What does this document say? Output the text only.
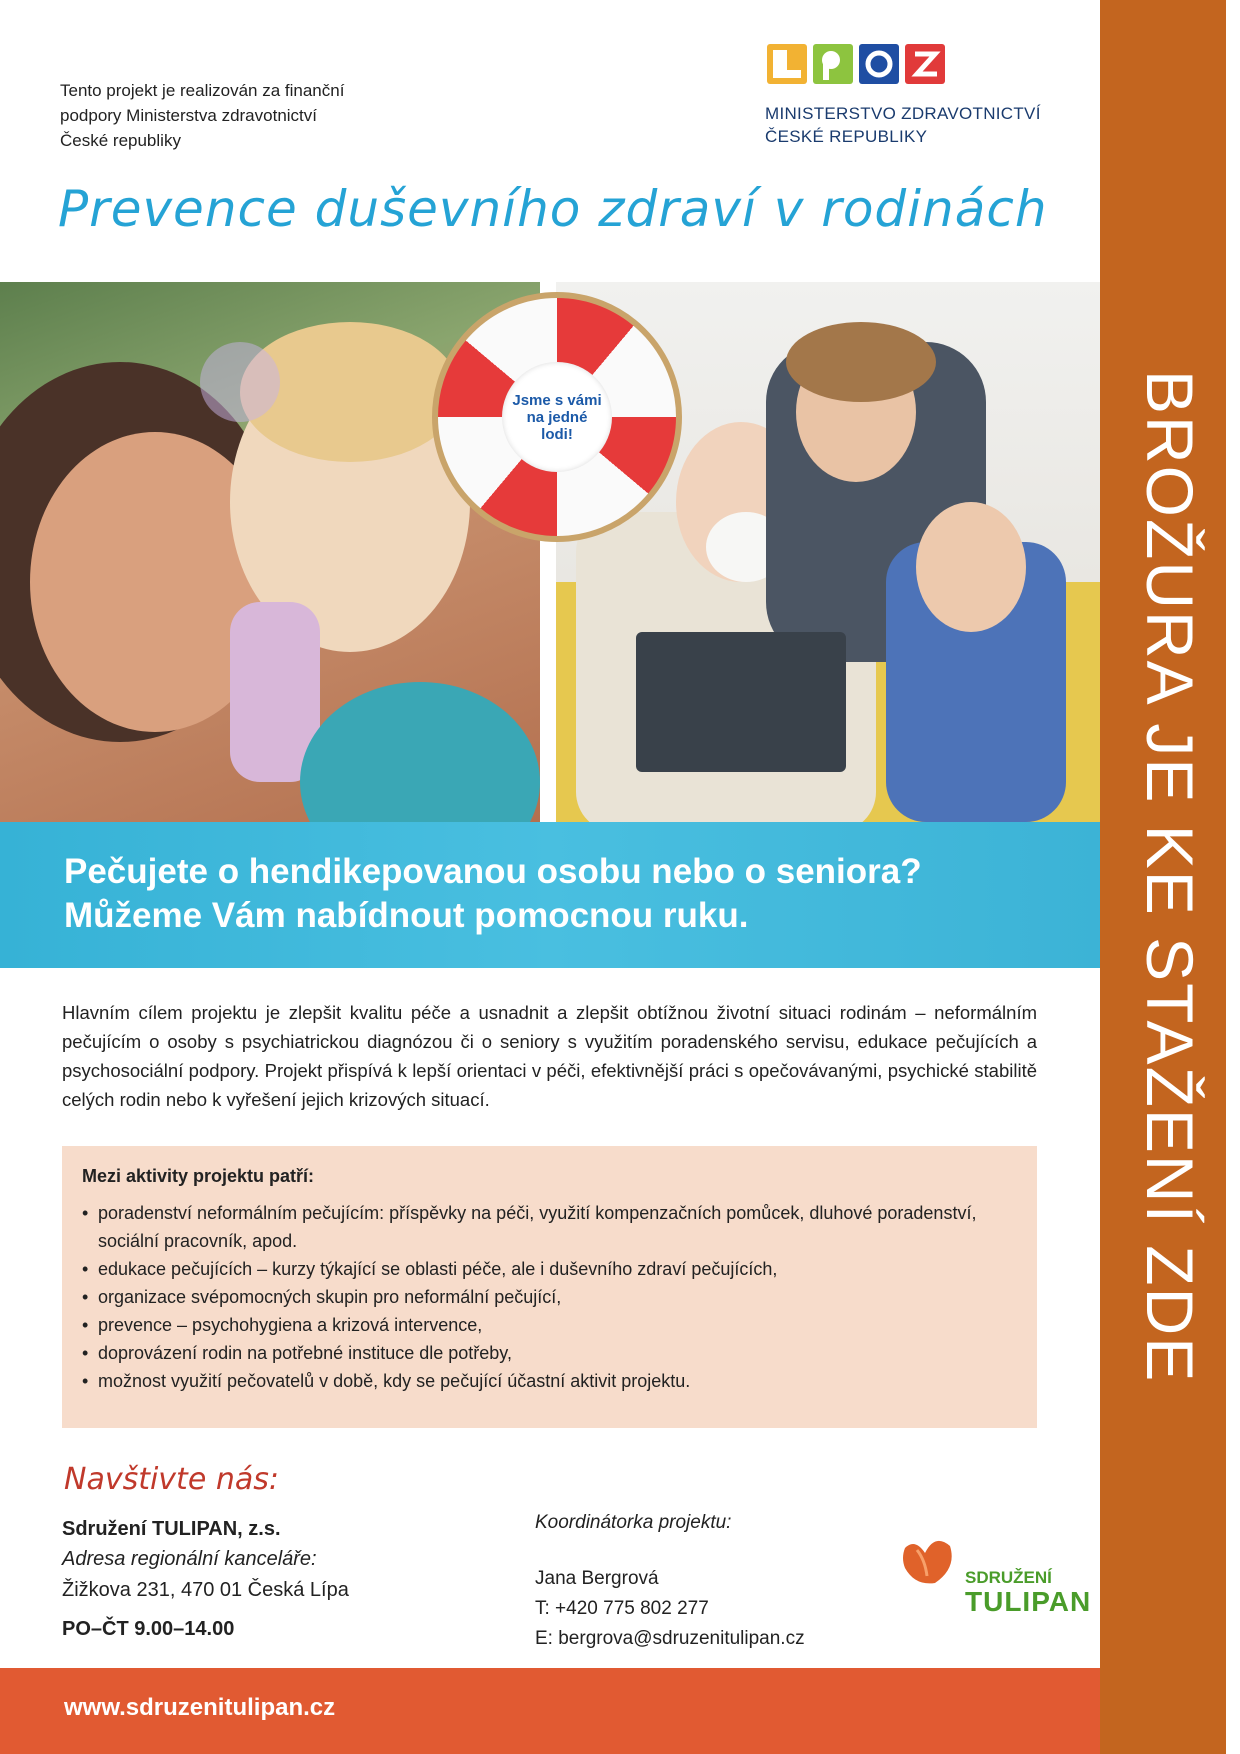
Tento projekt je realizován za finanční
podpory Ministerstva zdravotnictví
České republiky
MINISTERSTVO ZDRAVOTNICTVÍ
ČESKÉ REPUBLIKY
Prevence duševního zdraví v rodinách
Jsme s vámi
na jedné
lodi!
Pečujete o hendikepovanou osobu nebo o seniora?
Můžeme Vám nabídnout pomocnou ruku.

Hlavním cílem projektu je zlepšit kvalitu péče a usnadnit a zlepšit obtížnou životní situaci rodinám – neformálním pečujícím o osoby s psychiatrickou diagnózou či o seniory s využitím poradenského servisu, edukace pečujících a psychosociální podpory. Projekt přispívá k lepší orientaci v péči, efektivnější práci s opečovávanými, psychické stabilitě celých rodin nebo k vyřešení jejich krizových situací.

Mezi aktivity projektu patří:
• poradenství neformálním pečujícím: příspěvky na péči, využití kompenzačních pomůcek, dluhové poradenství, sociální pracovník, apod.
• edukace pečujících – kurzy týkající se oblasti péče, ale i duševního zdraví pečujících,
• organizace svépomocných skupin pro neformální pečující,
• prevence – psychohygiena a krizová intervence,
• doprovázení rodin na potřebné instituce dle potřeby,
• možnost využití pečovatelů v době, kdy se pečující účastní aktivit projektu.
Navštivte nás:
Sdružení TULIPAN, z.s.
Adresa regionální kanceláře:
Žižkova 231, 470 01 Česká Lípa
PO–ČT 9.00–14.00
Koordinátorka projektu:
Jana Bergrová
T: +420 775 802 277
E: bergrova@sdruzenitulipan.cz
SDRUŽENÍ
TULIPAN
www.sdruzenitulipan.cz
BROŽURA JE KE STAŽENÍ ZDE
